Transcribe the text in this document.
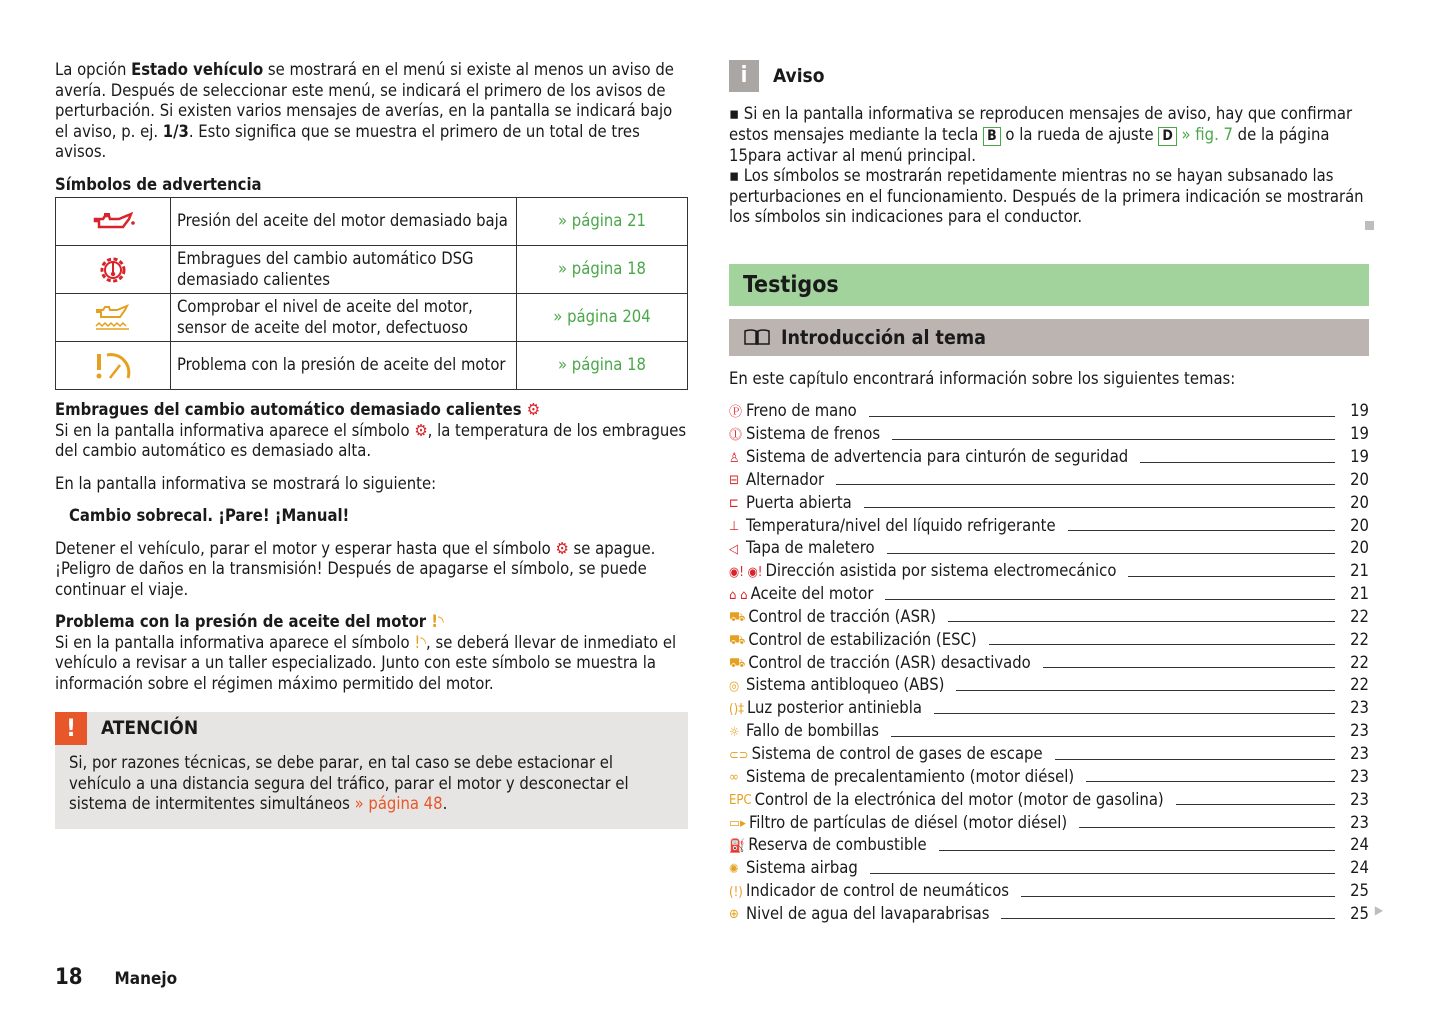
La opción Estado vehículo se mostrará en el menú si existe al menos un aviso de avería. Después de seleccionar este menú, se indicará el primero de los avisos de perturbación. Si existen varios mensajes de averías, en la pantalla se indicará bajo el aviso, p. ej. 1/3. Esto significa que se muestra el primero de un total de tres avisos.

Símbolos de advertencia

	Presión del aceite del motor demasiado baja	» página 21
	Embragues del cambio automático DSG demasiado calientes	» página 18
	Comprobar el nivel de aceite del motor, sensor de aceite del motor, defectuoso	» página 204
	Problema con la presión de aceite del motor	» página 18

Embragues del cambio automático demasiado calientes ⚙

Si en la pantalla informativa aparece el símbolo ⚙, la temperatura de los embragues del cambio automático es demasiado alta.

En la pantalla informativa se mostrará lo siguiente:

Cambio sobrecal. ¡Pare! ¡Manual!

Detener el vehículo, parar el motor y esperar hasta que el símbolo ⚙ se apague. ¡Peligro de daños en la transmisión! Después de apagarse el símbolo, se puede continuar el viaje.

Problema con la presión de aceite del motor !◝

Si en la pantalla informativa aparece el símbolo !◝, se deberá llevar de inmediato el vehículo a revisar a un taller especializado. Junto con este símbolo se muestra la información sobre el régimen máximo permitido del motor.

!	ATENCIÓN

Si, por razones técnicas, se debe parar, en tal caso se debe estacionar el vehículo a una distancia segura del tráfico, parar el motor y desconectar el sistema de intermitentes simultáneos » página 48.

i	Aviso

▪ Si en la pantalla informativa se reproducen mensajes de aviso, hay que confirmar estos mensajes mediante la tecla B o la rueda de ajuste D » fig. 7 de la página 15para activar al menú principal.

▪ Los símbolos se mostrarán repetidamente mientras no se hayan subsanado las perturbaciones en el funcionamiento. Después de la primera indicación se mostrarán los símbolos sin indicaciones para el conductor.

Testigos
Introducción al tema

En este capítulo encontrará información sobre los siguientes temas:

Ⓟ Freno de mano	19
⓵ Sistema de frenos	19
♙ Sistema de advertencia para cinturón de seguridad	19
⊟ Alternador	20
⊏ Puerta abierta	20
⊥ Temperatura/nivel del líquido refrigerante	20
◁ Tapa de maletero	20
◉! ◉! Dirección asistida por sistema electromecánico	21
⌂ ⌂ Aceite del motor	21
⛟ Control de tracción (ASR)	22
⛟ Control de estabilización (ESC)	22
⛟ Control de tracción (ASR) desactivado	22
◎ Sistema antibloqueo (ABS)	22
()‡ Luz posterior antiniebla	23
☼ Fallo de bombillas	23
⊂⊃ Sistema de control de gases de escape	23
∞ Sistema de precalentamiento (motor diésel)	23
EPC Control de la electrónica del motor (motor de gasolina)	23
▭▸ Filtro de partículas de diésel (motor diésel)	23
⛽ Reserva de combustible	24
✺ Sistema airbag	24
(!) Indicador de control de neumáticos	25
⊕ Nivel de agua del lavaparabrisas	25 ▶
18 Manejo
